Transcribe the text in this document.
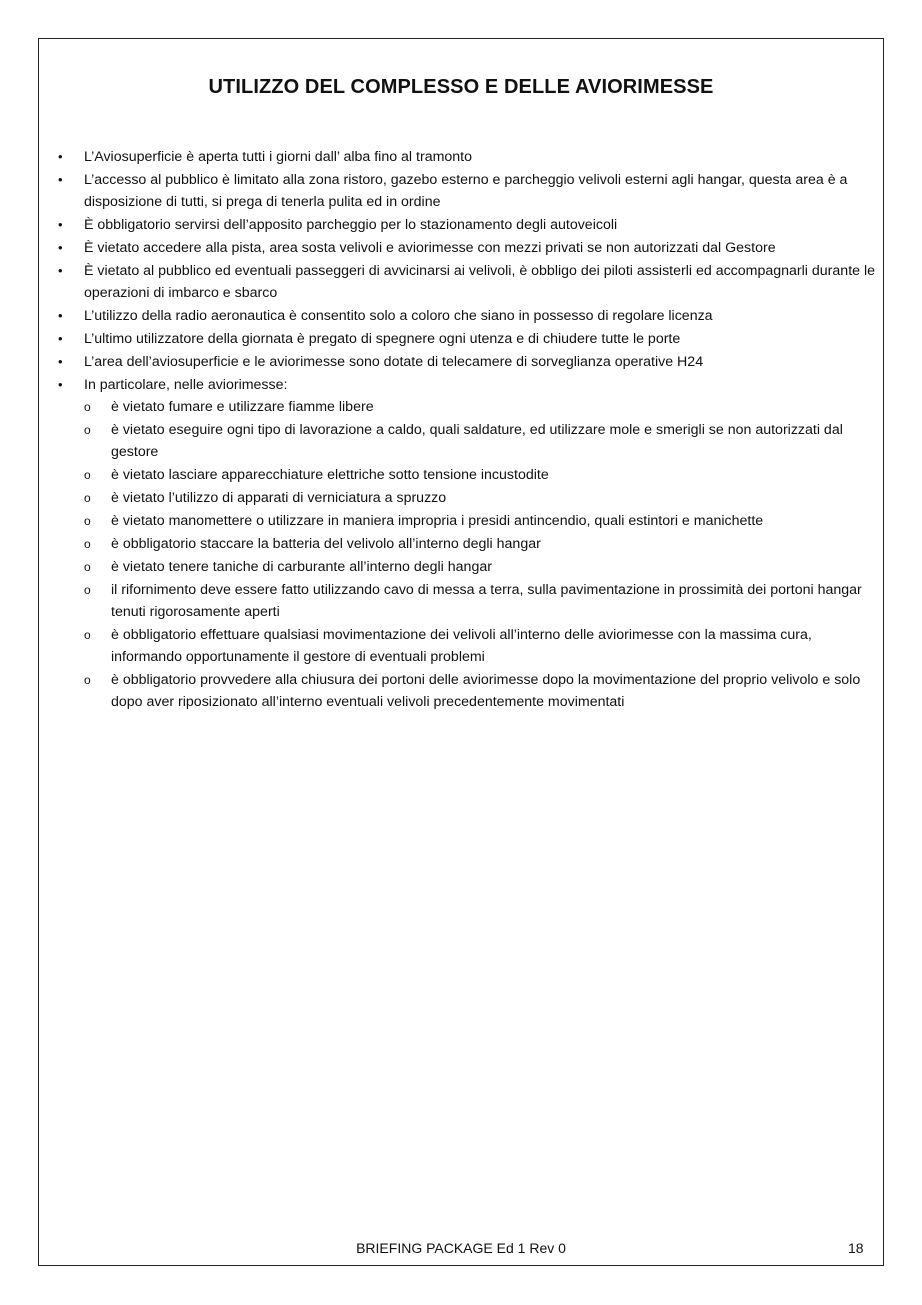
UTILIZZO DEL COMPLESSO E DELLE AVIORIMESSE
•	L’Aviosuperficie è aperta tutti i giorni dall’ alba fino al tramonto
•	L’accesso al pubblico è limitato alla zona ristoro, gazebo esterno e parcheggio velivoli esterni agli hangar, questa area è a disposizione di tutti, si prega di tenerla pulita ed in ordine
•	È obbligatorio servirsi dell’apposito parcheggio per lo stazionamento degli autoveicoli
•	È vietato accedere alla pista, area sosta velivoli e aviorimesse con mezzi privati se non autorizzati dal Gestore
•	È vietato al pubblico ed eventuali passeggeri di avvicinarsi ai velivoli, è obbligo dei piloti assisterli ed accompagnarli durante le operazioni di imbarco e sbarco
•	L’utilizzo della radio aeronautica è consentito solo a coloro che siano in possesso di regolare licenza
•	L’ultimo utilizzatore della giornata è pregato di spegnere ogni utenza e di chiudere tutte le porte
•	L’area dell’aviosuperficie e le aviorimesse sono dotate di telecamere di sorveglianza operative H24
•	In particolare, nelle aviorimesse:
o è vietato fumare e utilizzare fiamme libere
o è vietato eseguire ogni tipo di lavorazione a caldo, quali saldature, ed utilizzare mole e smerigli se non autorizzati dal gestore
o è vietato lasciare apparecchiature elettriche sotto tensione incustodite
o è vietato l’utilizzo di apparati di verniciatura a spruzzo
o è vietato manomettere o utilizzare in maniera impropria i presidi antincendio, quali estintori e manichette
o è obbligatorio staccare la batteria del velivolo all’interno degli hangar
o è vietato tenere taniche di carburante all’interno degli hangar
o il rifornimento deve essere fatto utilizzando cavo di messa a terra, sulla pavimentazione in prossimità dei portoni hangar tenuti rigorosamente aperti
o è obbligatorio effettuare qualsiasi movimentazione dei velivoli all’interno delle aviorimesse con la massima cura, informando opportunamente il gestore di eventuali problemi
o è obbligatorio provvedere alla chiusura dei portoni delle aviorimesse dopo la movimentazione del proprio velivolo e solo dopo aver riposizionato all’interno eventuali velivoli precedentemente movimentati
BRIEFING PACKAGE Ed 1 Rev 0	18
